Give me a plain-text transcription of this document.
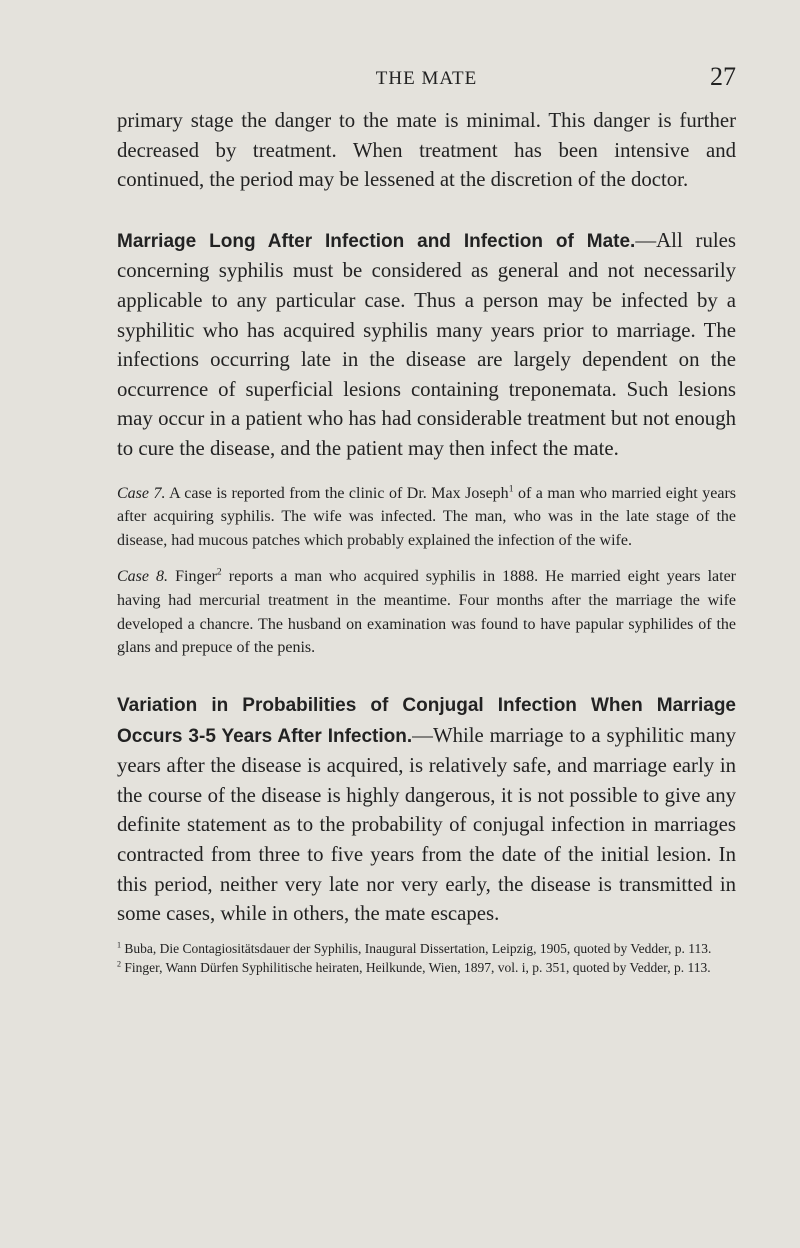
THE MATE	27

primary stage the danger to the mate is minimal. This danger is further decreased by treatment. When treatment has been intensive and continued, the period may be lessened at the discretion of the doctor.

Marriage Long After Infection and Infection of Mate.—All rules concerning syphilis must be considered as general and not necessarily applicable to any particular case. Thus a person may be infected by a syphilitic who has acquired syphilis many years prior to marriage. The infections occurring late in the disease are largely dependent on the occurrence of superficial lesions containing treponemata. Such lesions may occur in a patient who has had considerable treatment but not enough to cure the disease, and the patient may then infect the mate.

Case 7. A case is reported from the clinic of Dr. Max Joseph$^1$ of a man who married eight years after acquiring syphilis. The wife was infected. The man, who was in the late stage of the disease, had mucous patches which probably explained the infection of the wife.

Case 8. Finger$^2$ reports a man who acquired syphilis in 1888. He married eight years later having had mercurial treatment in the meantime. Four months after the marriage the wife developed a chancre. The husband on examination was found to have papular syphilides of the glans and prepuce of the penis.

Variation in Probabilities of Conjugal Infection When Marriage Occurs 3-5 Years After Infection.—While marriage to a syphilitic many years after the disease is acquired, is relatively safe, and marriage early in the course of the disease is highly dangerous, it is not possible to give any definite statement as to the probability of conjugal infection in marriages contracted from three to five years from the date of the initial lesion. In this period, neither very late nor very early, the disease is transmitted in some cases, while in others, the mate escapes.

$^1$ Buba, Die Contagiositätsdauer der Syphilis, Inaugural Dissertation, Leipzig, 1905, quoted by Vedder, p. 113.

$^2$ Finger, Wann Dürfen Syphilitische heiraten, Heilkunde, Wien, 1897, vol. i, p. 351, quoted by Vedder, p. 113.
